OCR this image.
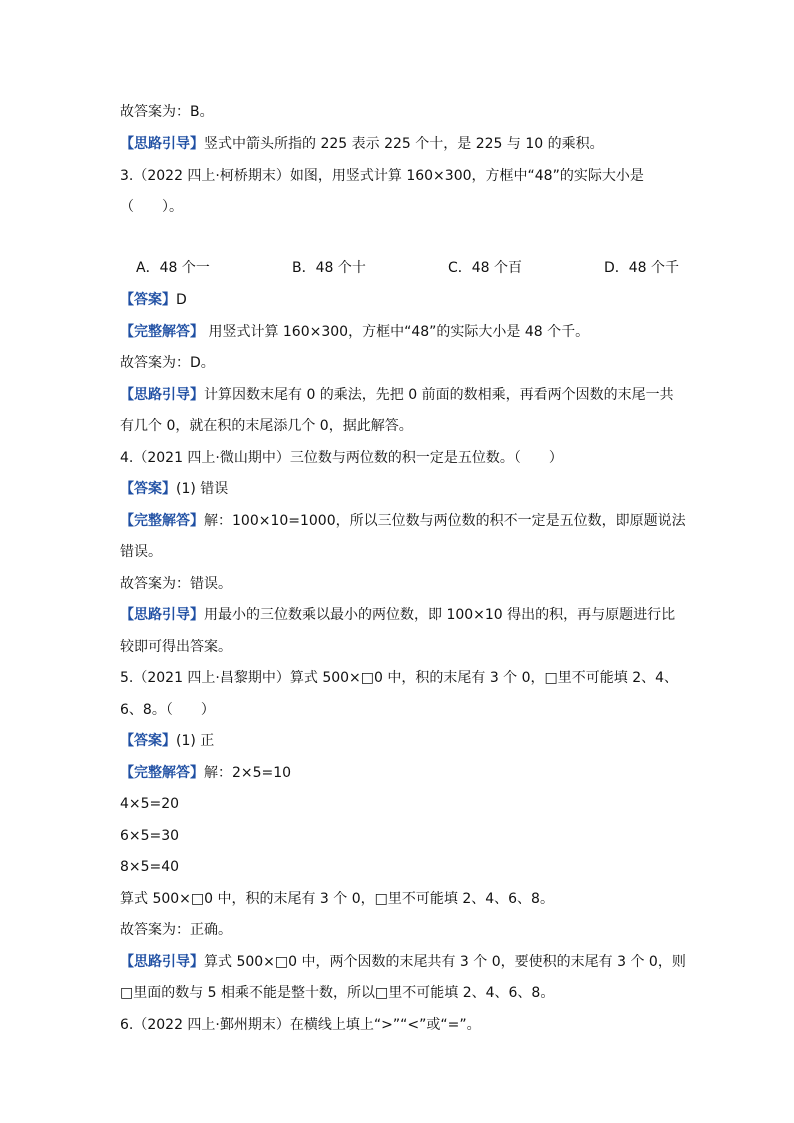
故答案为：B。
【思路引导】竖式中箭头所指的 225 表示 225 个十，是 225 与 10 的乘积。
3.（2022 四上·柯桥期末）如图，用竖式计算 160×300，方框中“48”的实际大小是
（　　）。
A．48 个一	B．48 个十	C．48 个百	D．48 个千
【答案】D
【完整解答】 用竖式计算 160×300，方框中“48”的实际大小是 48 个千。
故答案为：D。
【思路引导】计算因数末尾有 0 的乘法，先把 0 前面的数相乘，再看两个因数的末尾一共
有几个 0，就在积的末尾添几个 0，据此解答。
4.（2021 四上·微山期中）三位数与两位数的积一定是五位数。（　　）
【答案】(1) 错误
【完整解答】解：100×10=1000，所以三位数与两位数的积不一定是五位数，即原题说法
错误。
故答案为：错误。
【思路引导】用最小的三位数乘以最小的两位数，即 100×10 得出的积，再与原题进行比
较即可得出答案。
5.（2021 四上·昌黎期中）算式 500×□0 中，积的末尾有 3 个 0，□里不可能填 2、4、
6、8。（　　）
【答案】(1) 正
【完整解答】解：2×5=10
4×5=20
6×5=30
8×5=40
算式 500×□0 中，积的末尾有 3 个 0，□里不可能填 2、4、6、8。
故答案为：正确。
【思路引导】算式 500×□0 中，两个因数的末尾共有 3 个 0，要使积的末尾有 3 个 0，则
□里面的数与 5 相乘不能是整十数，所以□里不可能填 2、4、6、8。
6.（2022 四上·鄞州期末）在横线上填上“>”“<”或“=”。
